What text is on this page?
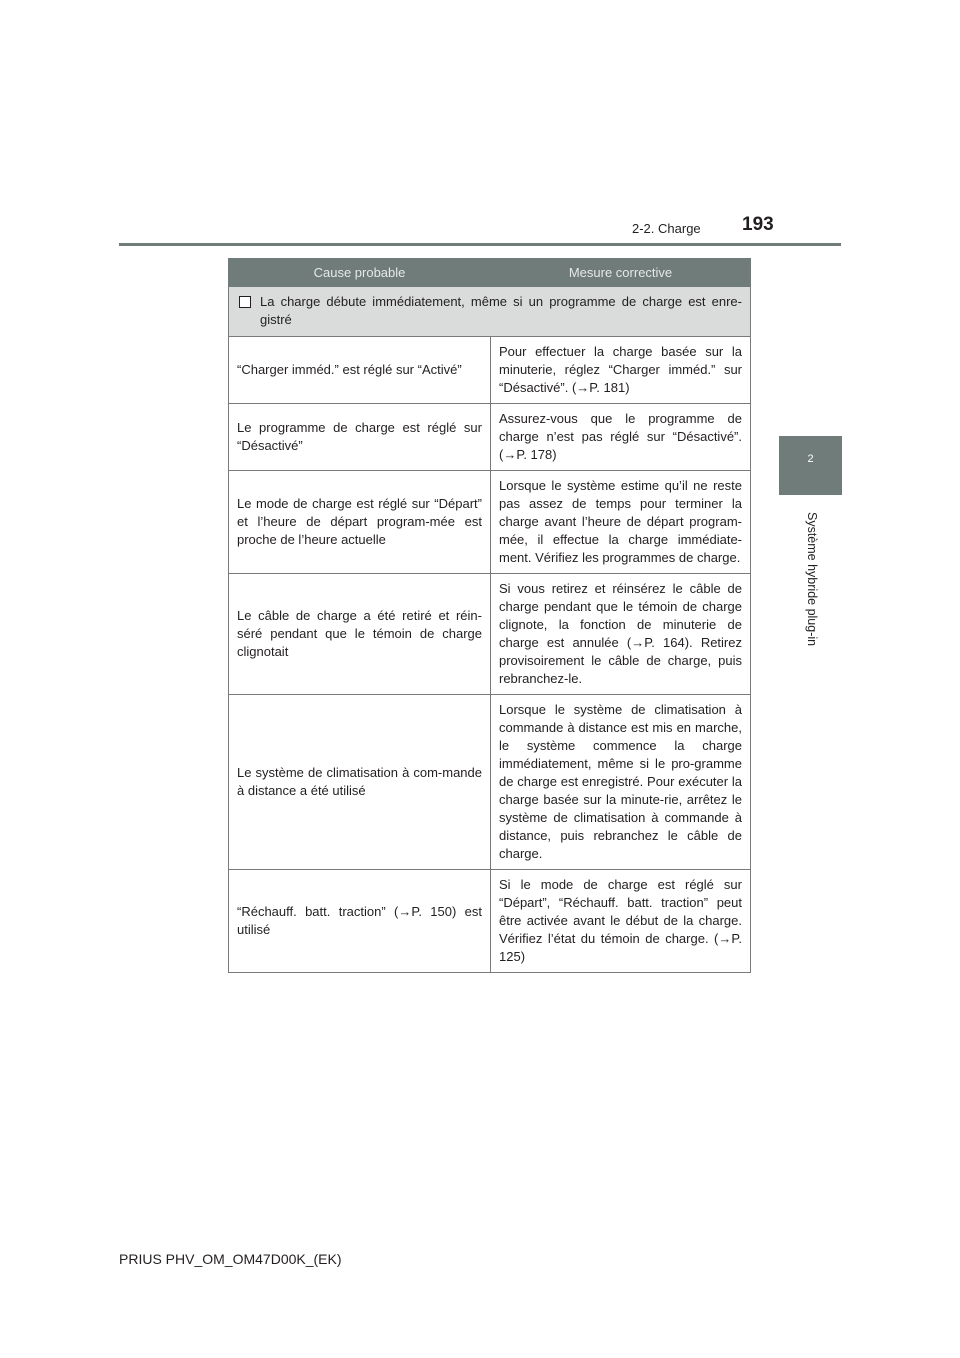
2-2. Charge 193
2
Système hybride plug-in
Cause probable	Mesure corrective

La charge débute immédiatement, même si un programme de charge est enre-gistré	

“Charger imméd.” est réglé sur “Activé”	Pour effectuer la charge basée sur la minuterie, réglez “Charger imméd.” sur “Désactivé”. (→P. 181)
Le programme de charge est réglé sur “Désactivé”	Assurez-vous que le programme de charge n’est pas réglé sur “Désactivé”. (→P. 178)
Le mode de charge est réglé sur “Départ” et l’heure de départ program-mée est proche de l’heure actuelle	Lorsque le système estime qu’il ne reste pas assez de temps pour terminer la charge avant l’heure de départ program-mée, il effectue la charge immédiate-ment. Vérifiez les programmes de charge.
Le câble de charge a été retiré et réin-séré pendant que le témoin de charge clignotait	Si vous retirez et réinsérez le câble de charge pendant que le témoin de charge clignote, la fonction de minuterie de charge est annulée (→P. 164). Retirez provisoirement le câble de charge, puis rebranchez-le.
Le système de climatisation à com-mande à distance a été utilisé	Lorsque le système de climatisation à commande à distance est mis en marche, le système commence la charge immédiatement, même si le pro-gramme de charge est enregistré. Pour exécuter la charge basée sur la minute-rie, arrêtez le système de climatisation à commande à distance, puis rebranchez le câble de charge.
“Réchauff. batt. traction” (→P. 150) est utilisé	Si le mode de charge est réglé sur “Départ”, “Réchauff. batt. traction” peut être activée avant le début de la charge. Vérifiez l’état du témoin de charge. (→P. 125)
PRIUS PHV_OM_OM47D00K_(EK)
